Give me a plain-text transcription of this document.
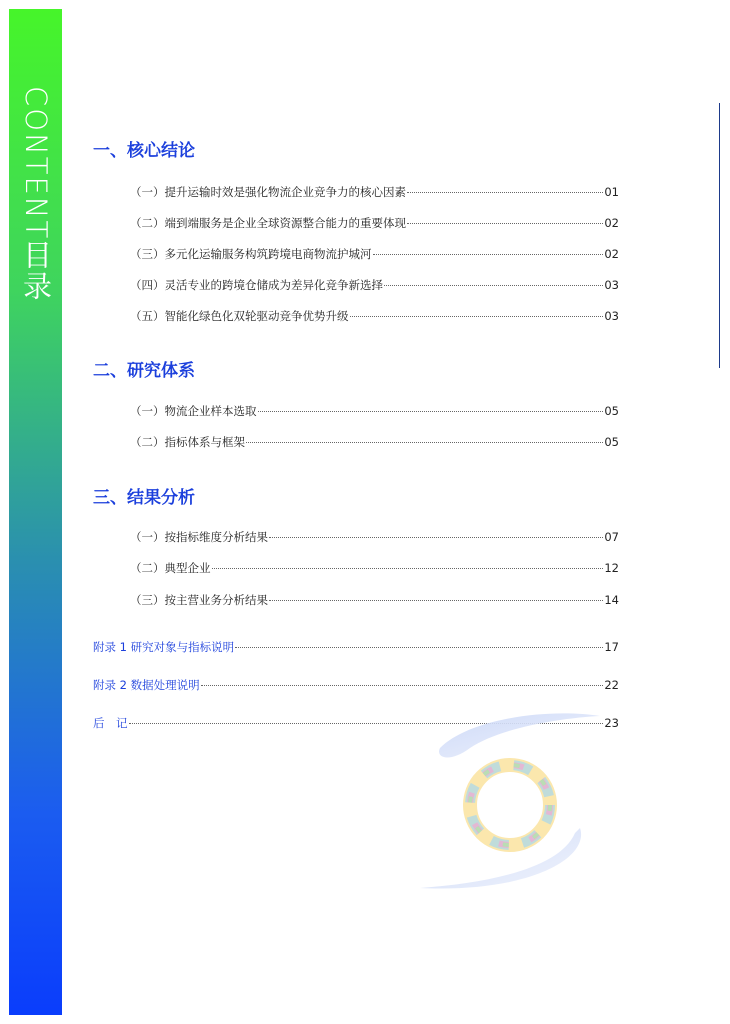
CONTENT目录 一、核心结论
（一）提升运输时效是强化物流企业竞争力的核心因素	01
（二）端到端服务是企业全球资源整合能力的重要体现	02
（三）多元化运输服务构筑跨境电商物流护城河	02
（四）灵活专业的跨境仓储成为差异化竞争新选择	03
（五）智能化绿色化双轮驱动竞争优势升级	03
二、研究体系
（一）物流企业样本选取	05
（二）指标体系与框架	05
三、结果分析
（一）按指标维度分析结果	07
（二）典型企业	12
（三）按主营业务分析结果	14
附录 1 研究对象与指标说明	17
附录 2 数据处理说明	22
后　记	23
